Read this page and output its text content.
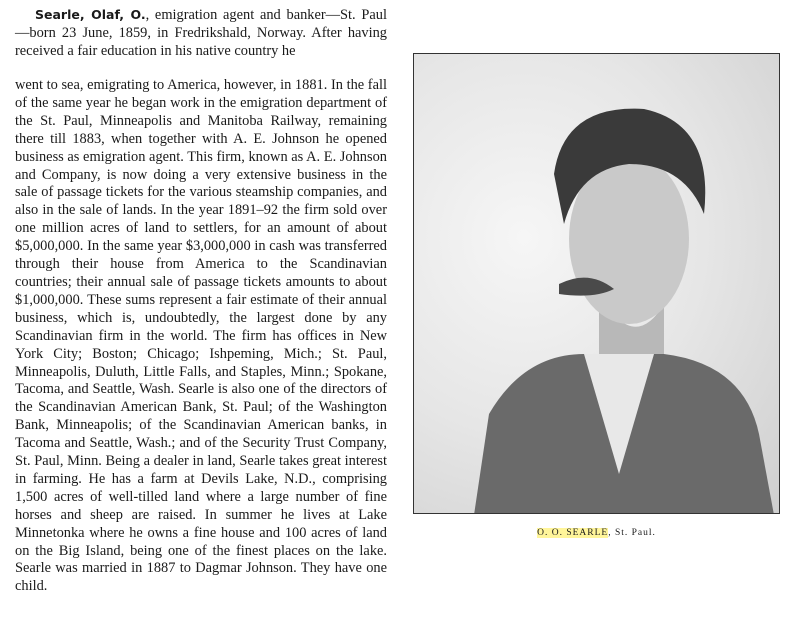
Searle, Olaf, O., emigration agent and banker—St. Paul —born 23 June, 1859, in Fredrikshald, Norway. After having received a fair education in his native country he

went to sea, emigrating to America, however, in 1881. In the fall of the same year he began work in the emigration department of the St. Paul, Minneapolis and Manitoba Railway, remaining there till 1883, when together with A. E. Johnson he opened business as emigration agent. This firm, known as A. E. Johnson and Company, is now doing a very extensive business in the sale of passage tickets for the various steamship companies, and also in the sale of lands. In the year 1891–92 the firm sold over one million acres of land to settlers, for an amount of about $5,000,000. In the same year $3,000,000 in cash was transferred through their house from America to the Scandinavian countries; their annual sale of passage tickets amounts to about $1,000,000. These sums represent a fair estimate of their annual business, which is, undoubtedly, the largest done by any Scandinavian firm in the world. The firm has offices in New York City; Boston; Chicago; Ishpeming, Mich.; St. Paul, Minneapolis, Duluth, Little Falls, and Staples, Minn.; Spokane, Tacoma, and Seattle, Wash. Searle is also one of the directors of the Scandinavian American Bank, St. Paul; of the Washington Bank, Minneapolis; of the Scandinavian American banks, in Tacoma and Seattle, Wash.; and of the Security Trust Company, St. Paul, Minn. Being a dealer in land, Searle takes great interest in farming. He has a farm at Devils Lake, N.D., comprising 1,500 acres of well-tilled land where a large number of fine horses and sheep are raised. In summer he lives at Lake Minnetonka where he owns a fine house and 100 acres of land on the Big Island, being one of the finest places on the lake. Searle was married in 1887 to Dagmar Johnson. They have one child.

O. O. SEARLE, St. Paul.
